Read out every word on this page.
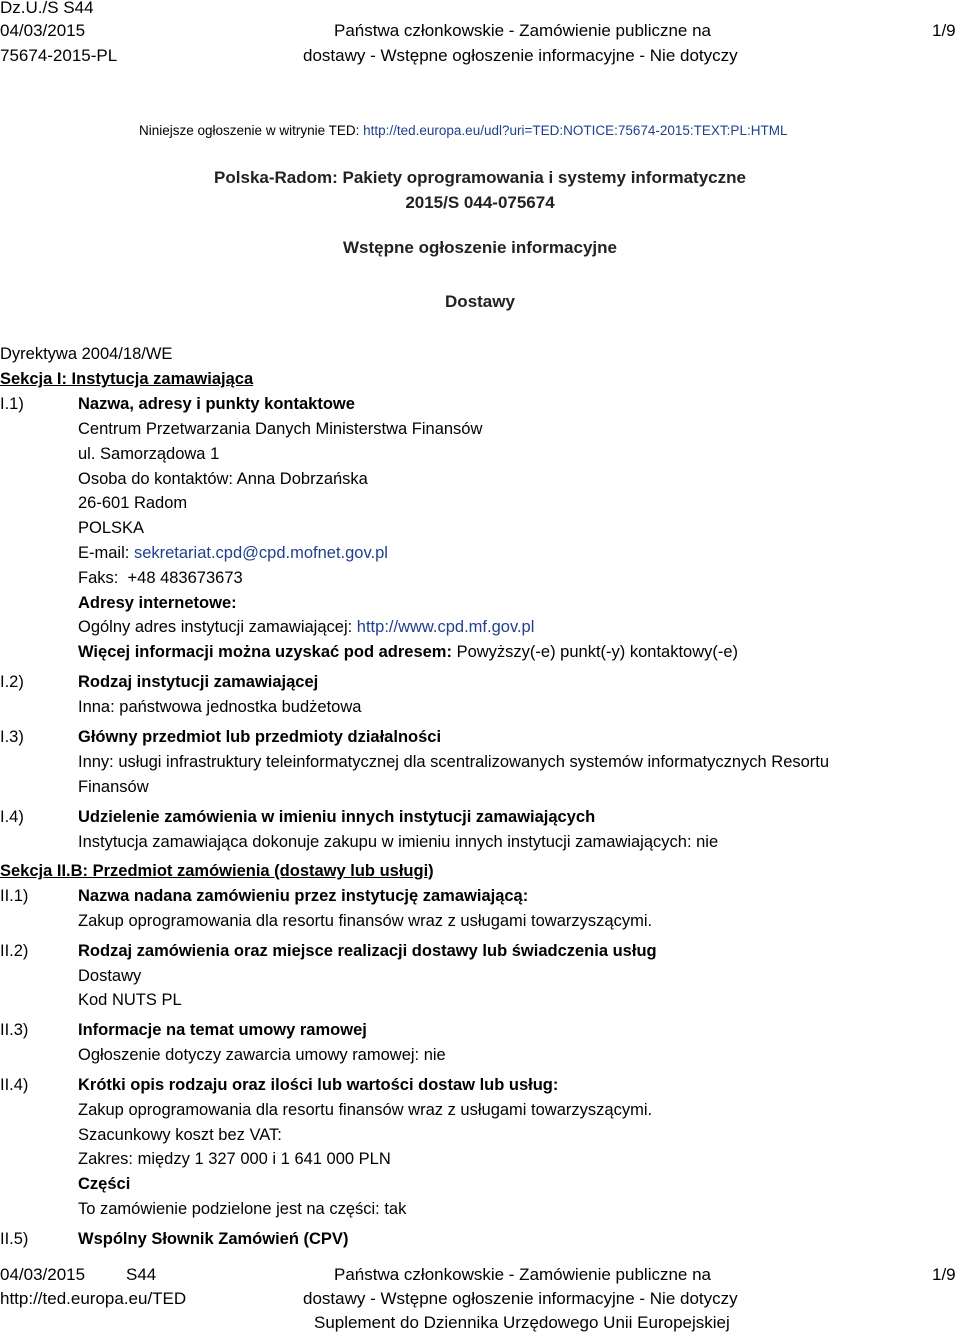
Dz.U./S S44
04/03/2015
75674-2015-PL
Państwa członkowskie - Zamówienie publiczne na
dostawy - Wstępne ogłoszenie informacyjne - Nie dotyczy
1/9
Niniejsze ogłoszenie w witrynie TED: http://ted.europa.eu/udl?uri=TED:NOTICE:75674-2015:TEXT:PL:HTML
Polska-Radom: Pakiety oprogramowania i systemy informatyczne
2015/S 044-075674
Wstępne ogłoszenie informacyjne
Dostawy
Dyrektywa 2004/18/WE
Sekcja I: Instytucja zamawiająca
I.1)	Nazwa, adresy i punkty kontaktowe
Centrum Przetwarzania Danych Ministerstwa Finansów
ul. Samorządowa 1
Osoba do kontaktów: Anna Dobrzańska
26-601 Radom
POLSKA
E-mail: sekretariat.cpd@cpd.mofnet.gov.pl
Faks:  +48 483673673
Adresy internetowe:
Ogólny adres instytucji zamawiającej: http://www.cpd.mf.gov.pl
Więcej informacji można uzyskać pod adresem: Powyższy(-e) punkt(-y) kontaktowy(-e)
I.2)	Rodzaj instytucji zamawiającej
Inna: państwowa jednostka budżetowa
I.3)	Główny przedmiot lub przedmioty działalności
Inny: usługi infrastruktury teleinformatycznej dla scentralizowanych systemów informatycznych Resortu
Finansów
I.4)	Udzielenie zamówienia w imieniu innych instytucji zamawiających
Instytucja zamawiająca dokonuje zakupu w imieniu innych instytucji zamawiających: nie
Sekcja II.B: Przedmiot zamówienia (dostawy lub usługi)
II.1)	Nazwa nadana zamówieniu przez instytucję zamawiającą:
Zakup oprogramowania dla resortu finansów wraz z usługami towarzyszącymi.
II.2)	Rodzaj zamówienia oraz miejsce realizacji dostawy lub świadczenia usług
Dostawy
Kod NUTS PL
II.3)	Informacje na temat umowy ramowej
Ogłoszenie dotyczy zawarcia umowy ramowej: nie
II.4)	Krótki opis rodzaju oraz ilości lub wartości dostaw lub usług:
Zakup oprogramowania dla resortu finansów wraz z usługami towarzyszącymi.
Szacunkowy koszt bez VAT:
Zakres: między 1 327 000 i 1 641 000 PLN
Części
To zamówienie podzielone jest na części: tak
II.5)	Wspólny Słownik Zamówień (CPV)
04/03/2015 S44
http://ted.europa.eu/TED
Państwa członkowskie - Zamówienie publiczne na
dostawy - Wstępne ogłoszenie informacyjne - Nie dotyczy
Suplement do Dziennika Urzędowego Unii Europejskiej
1/9
